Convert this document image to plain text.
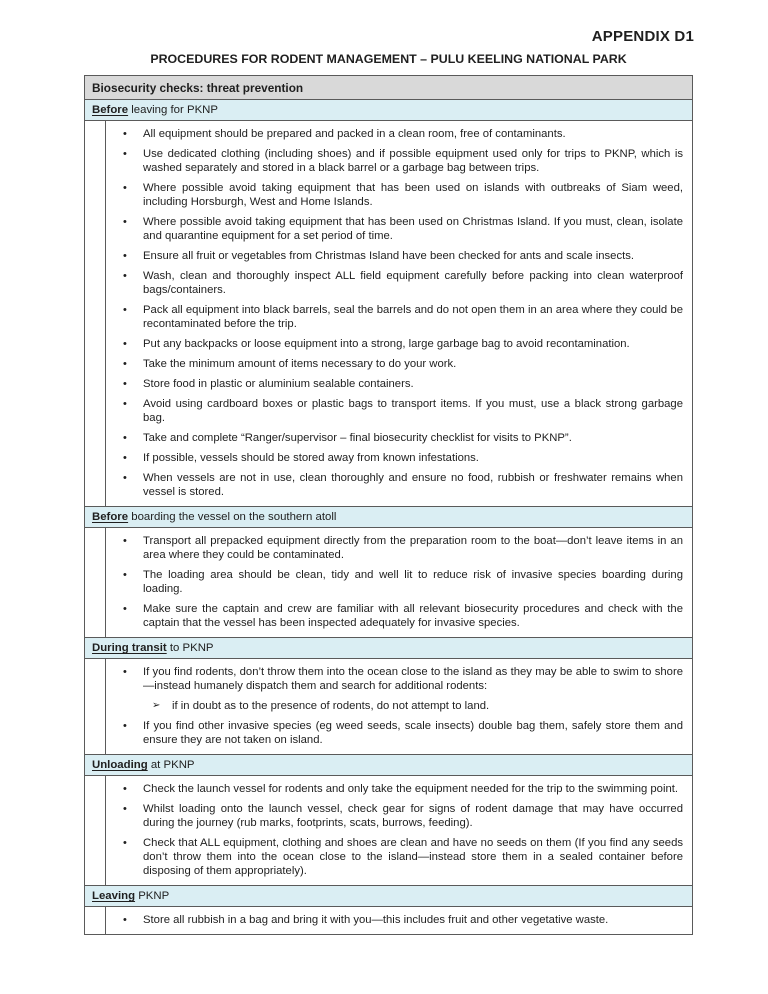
APPENDIX D1
PROCEDURES FOR RODENT MANAGEMENT – PULU KEELING NATIONAL PARK
Biosecurity checks: threat prevention
Before leaving for PKNP
•	All equipment should be prepared and packed in a clean room, free of contaminants.
•	Use dedicated clothing (including shoes) and if possible equipment used only for trips to PKNP, which is washed separately and stored in a black barrel or a garbage bag between trips.
•	Where possible avoid taking equipment that has been used on islands with outbreaks of Siam weed, including Horsburgh, West and Home Islands.
•	Where possible avoid taking equipment that has been used on Christmas Island. If you must, clean, isolate and quarantine equipment for a set period of time.
•	Ensure all fruit or vegetables from Christmas Island have been checked for ants and scale insects.
•	Wash, clean and thoroughly inspect ALL field equipment carefully before packing into clean waterproof bags/containers.
•	Pack all equipment into black barrels, seal the barrels and do not open them in an area where they could be recontaminated before the trip.
•	Put any backpacks or loose equipment into a strong, large garbage bag to avoid recontamination.
•	Take the minimum amount of items necessary to do your work.
•	Store food in plastic or aluminium sealable containers.
•	Avoid using cardboard boxes or plastic bags to transport items. If you must, use a black strong garbage bag.
•	Take and complete “Ranger/supervisor – final biosecurity checklist for visits to PKNP”.
•	If possible, vessels should be stored away from known infestations.
•	When vessels are not in use, clean thoroughly and ensure no food, rubbish or freshwater remains when vessel is stored.
Before boarding the vessel on the southern atoll
•	Transport all prepacked equipment directly from the preparation room to the boat—don’t leave items in an area where they could be contaminated.
•	The loading area should be clean, tidy and well lit to reduce risk of invasive species boarding during loading.
•	Make sure the captain and crew are familiar with all relevant biosecurity procedures and check with the captain that the vessel has been inspected adequately for invasive species.
During transit to PKNP
•	If you find rodents, don’t throw them into the ocean close to the island as they may be able to swim to shore—instead humanely dispatch them and search for additional rodents:
➢	if in doubt as to the presence of rodents, do not attempt to land.
•	If you find other invasive species (eg weed seeds, scale insects) double bag them, safely store them and ensure they are not taken on island.
Unloading at PKNP
•	Check the launch vessel for rodents and only take the equipment needed for the trip to the swimming point.
•	Whilst loading onto the launch vessel, check gear for signs of rodent damage that may have occurred during the journey (rub marks, footprints, scats, burrows, feeding).
•	Check that ALL equipment, clothing and shoes are clean and have no seeds on them (If you find any seeds don’t throw them into the ocean close to the island—instead store them in a sealed container before disposing of them appropriately).
Leaving PKNP
•	Store all rubbish in a bag and bring it with you—this includes fruit and other vegetative waste.
